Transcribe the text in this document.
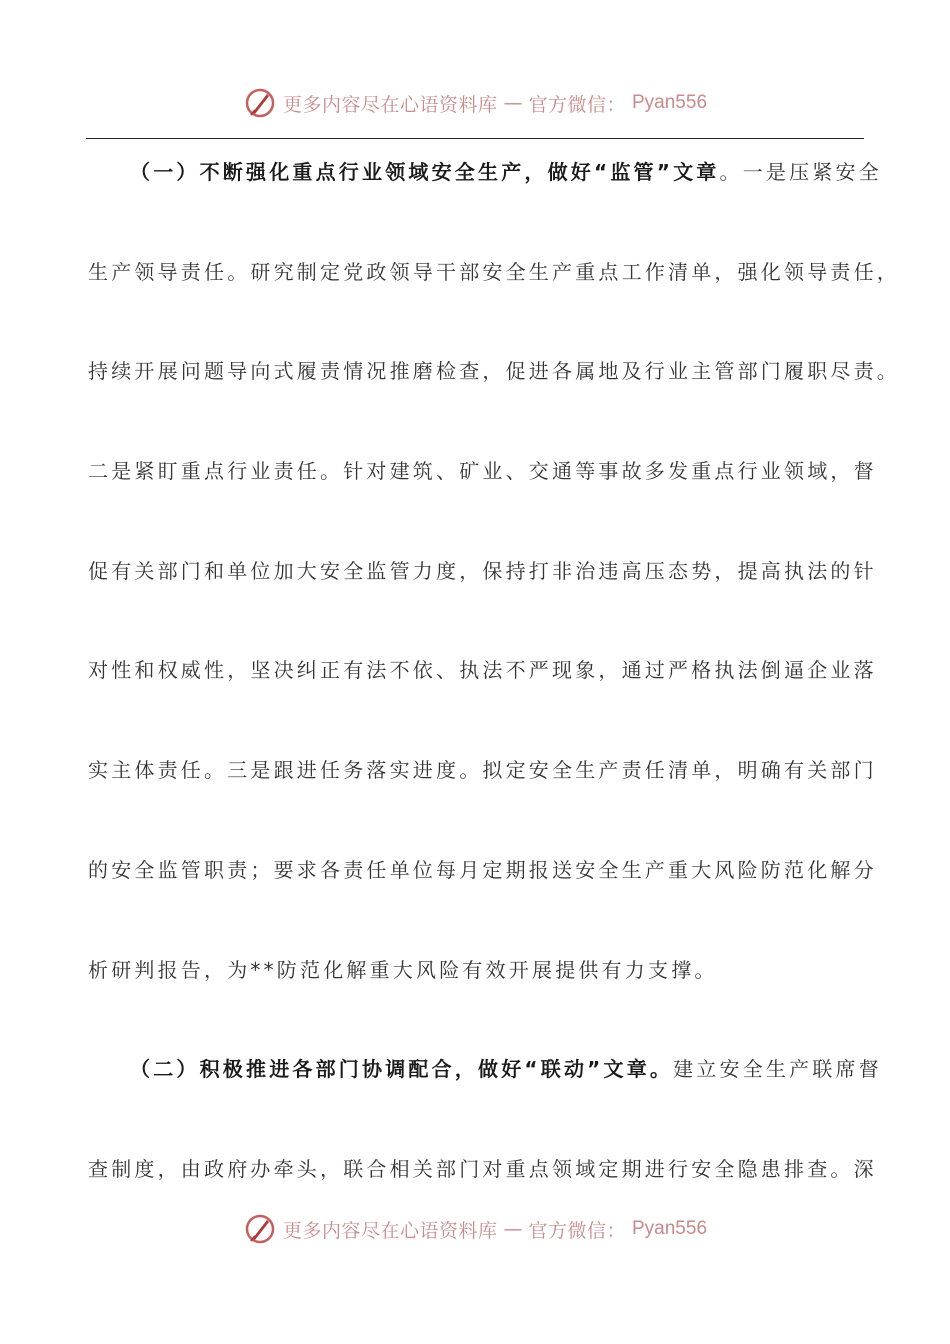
更多内容尽在心语资料库 — 官方微信： Pyan556
（一）不断强化重点行业领域安全生产，做好“监管”文章。一是压紧安全
生产领导责任。研究制定党政领导干部安全生产重点工作清单，强化领导责任，
持续开展问题导向式履责情况推磨检查，促进各属地及行业主管部门履职尽责。
二是紧盯重点行业责任。针对建筑、矿业、交通等事故多发重点行业领域，督
促有关部门和单位加大安全监管力度，保持打非治违高压态势，提高执法的针
对性和权威性，坚决纠正有法不依、执法不严现象，通过严格执法倒逼企业落
实主体责任。三是跟进任务落实进度。拟定安全生产责任清单，明确有关部门
的安全监管职责；要求各责任单位每月定期报送安全生产重大风险防范化解分
析研判报告，为**防范化解重大风险有效开展提供有力支撑。
（二）积极推进各部门协调配合，做好“联动”文章。建立安全生产联席督
查制度，由政府办牵头，联合相关部门对重点领域定期进行安全隐患排查。深
更多内容尽在心语资料库 — 官方微信： Pyan556
